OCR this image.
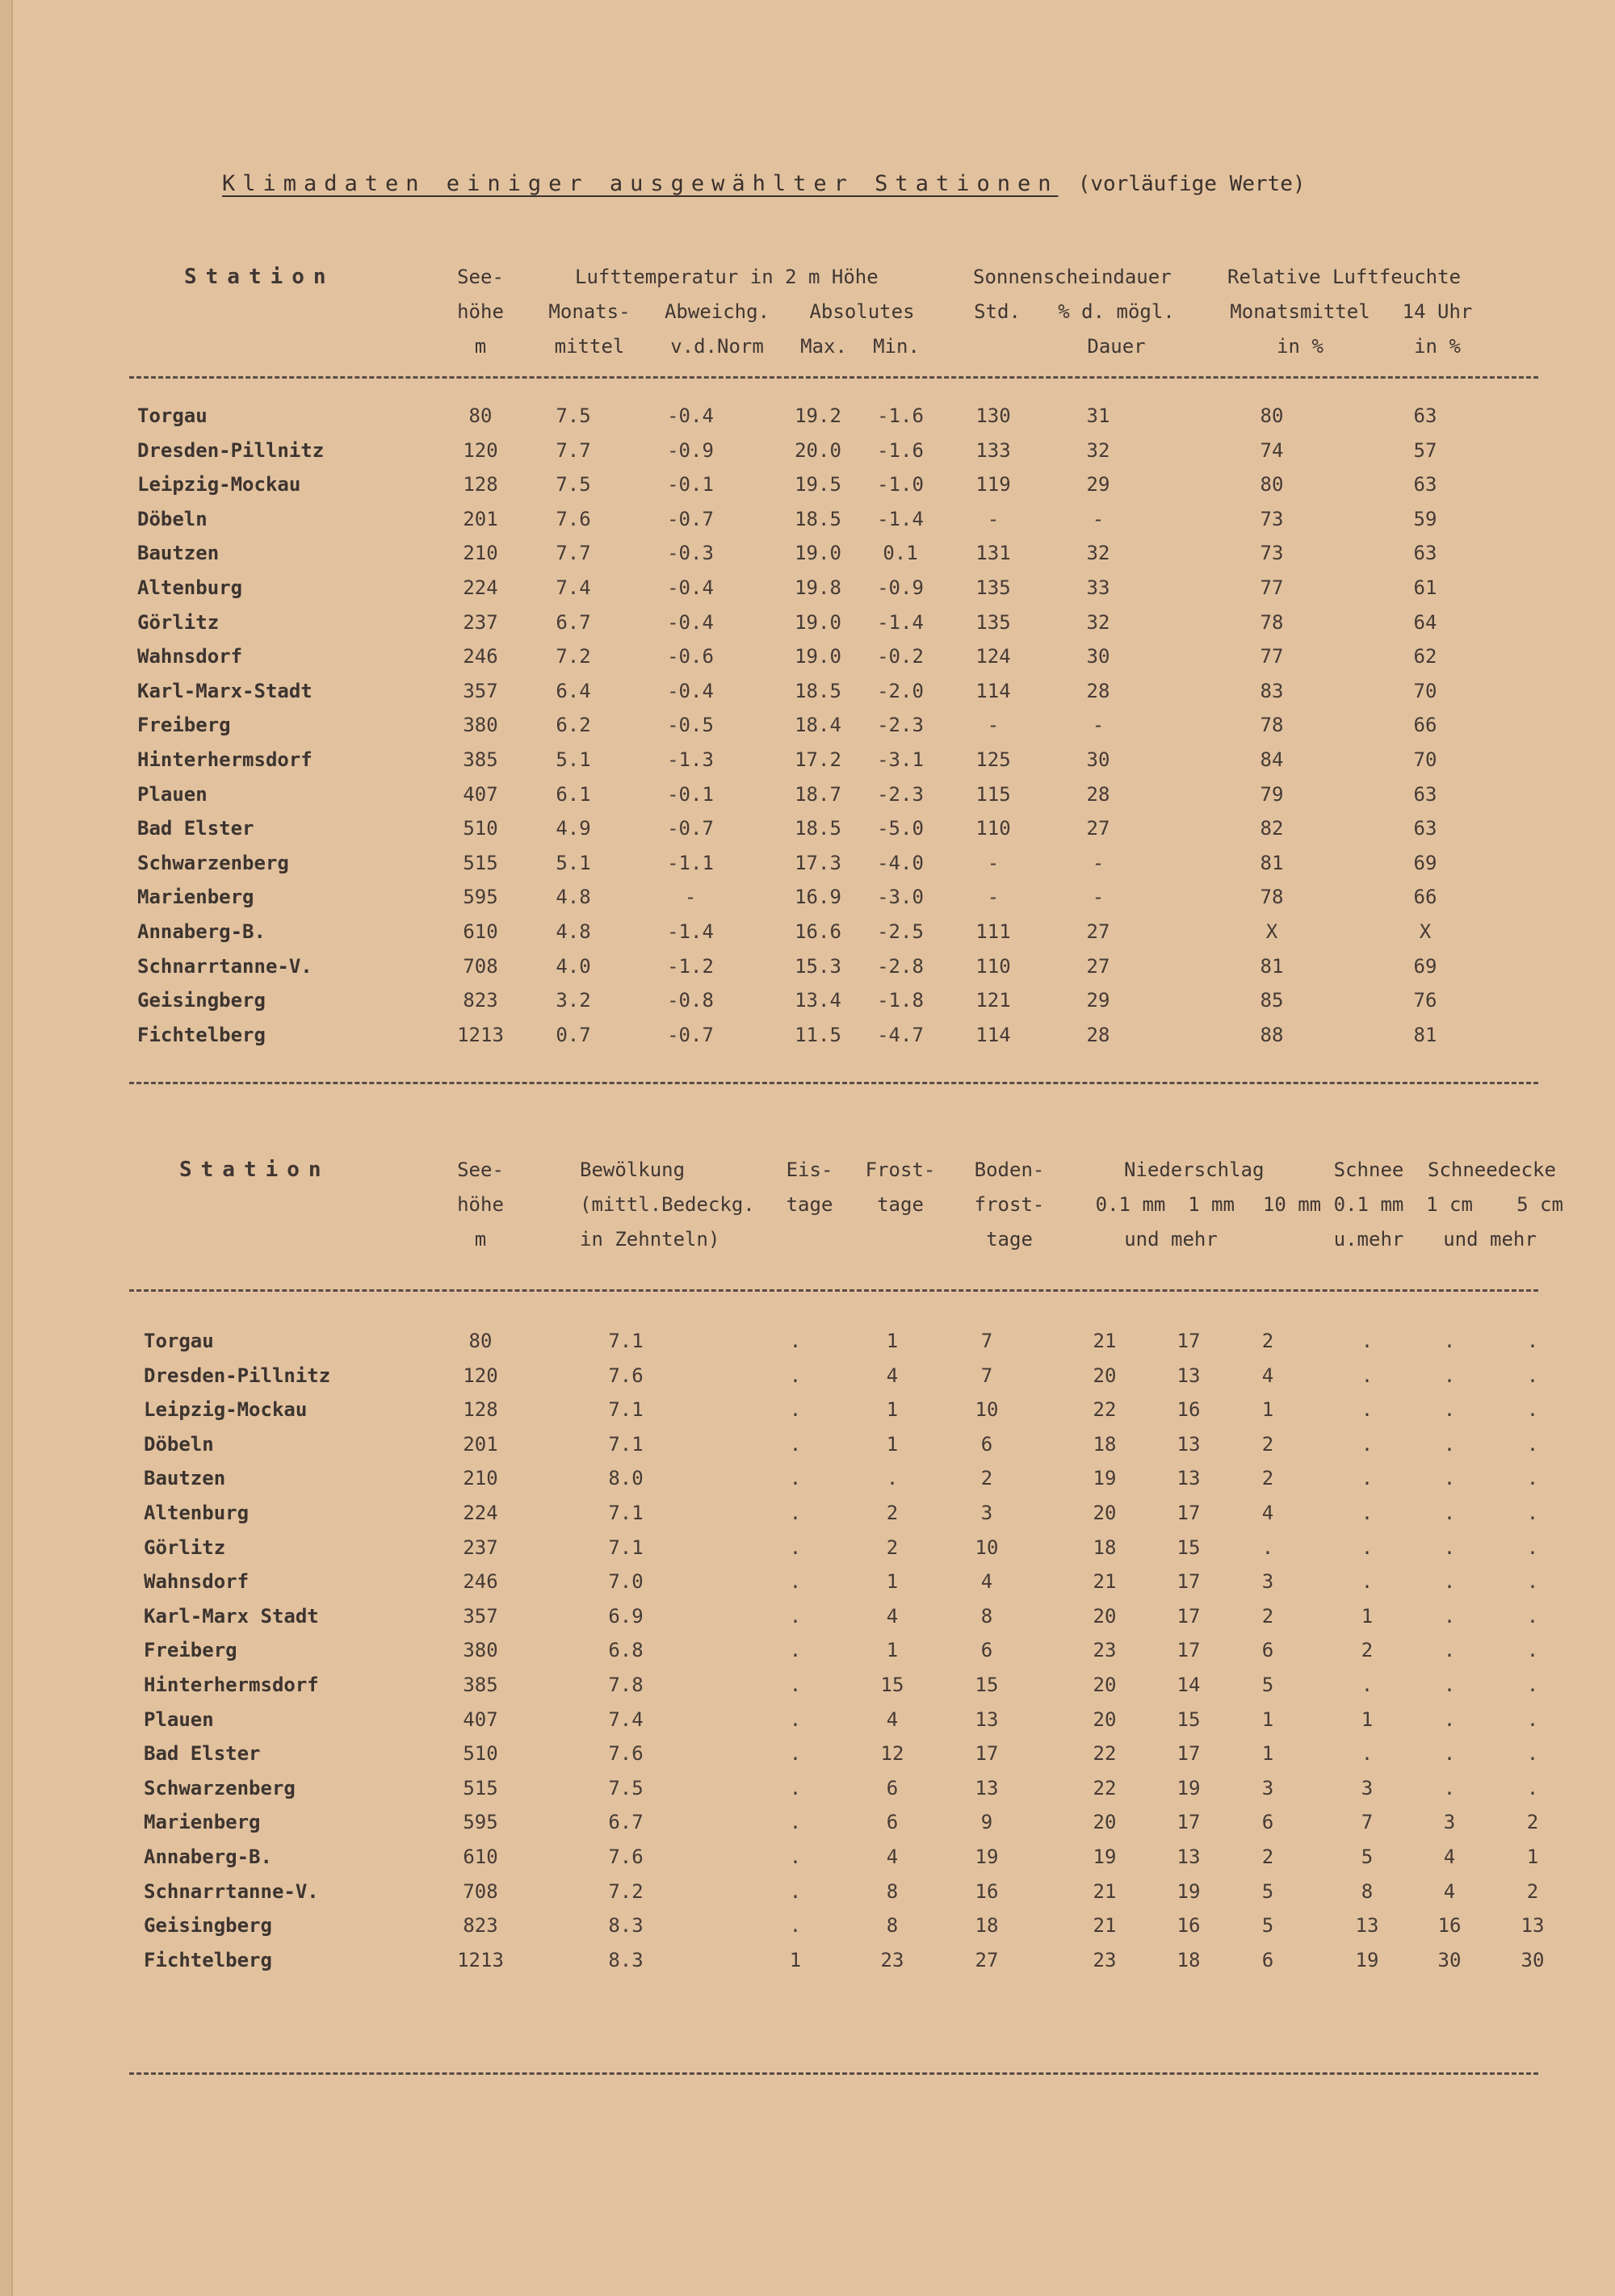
Klimadaten einiger ausgewählter Stationen (vorläufige Werte)
Station	See-
höhe
m
Lufttemperatur in 2 m Höhe
Monats-
mittel
Abweichg.
v.d.Norm
Absolutes
Max. Min.
Sonnenscheindauer
Std.	% d. mögl.
Dauer
Relative Luftfeuchte
Monatsmittel
in %
14 Uhr
in %
Torgau	80	7.5	-0.4	19.2	-1.6	130	31	80	63
Dresden-Pillnitz	120	7.7	-0.9	20.0	-1.6	133	32	74	57
Leipzig-Mockau	128	7.5	-0.1	19.5	-1.0	119	29	80	63
Döbeln	201	7.6	-0.7	18.5	-1.4	-	-	73	59
Bautzen	210	7.7	-0.3	19.0	0.1	131	32	73	63
Altenburg	224	7.4	-0.4	19.8	-0.9	135	33	77	61
Görlitz	237	6.7	-0.4	19.0	-1.4	135	32	78	64
Wahnsdorf	246	7.2	-0.6	19.0	-0.2	124	30	77	62
Karl-Marx-Stadt	357	6.4	-0.4	18.5	-2.0	114	28	83	70
Freiberg	380	6.2	-0.5	18.4	-2.3	-	-	78	66
Hinterhermsdorf	385	5.1	-1.3	17.2	-3.1	125	30	84	70
Plauen	407	6.1	-0.1	18.7	-2.3	115	28	79	63
Bad Elster	510	4.9	-0.7	18.5	-5.0	110	27	82	63
Schwarzenberg	515	5.1	-1.1	17.3	-4.0	-	-	81	69
Marienberg	595	4.8	-	16.9	-3.0	-	-	78	66
Annaberg-B.	610	4.8	-1.4	16.6	-2.5	111	27	X	X
Schnarrtanne-V.	708	4.0	-1.2	15.3	-2.8	110	27	81	69
Geisingberg	823	3.2	-0.8	13.4	-1.8	121	29	85	76
Fichtelberg	1213	0.7	-0.7	11.5	-4.7	114	28	88	81
Station	See-
höhe
m
Bewölkung
(mittl.Bedeckg.
in Zehnteln)
Eis-
tage
Frost-
tage
Boden-
frost-
tage
Niederschlag
0.1 mm	1 mm	10 mm
und mehr
Schnee
0.1 mm
u.mehr
Schneedecke
1 cm	5 cm
und mehr
Torgau	80	7.1	.	1	7	21	17	2	.	.	.
Dresden-Pillnitz	120	7.6	.	4	7	20	13	4	.	.	.
Leipzig-Mockau	128	7.1	.	1	10	22	16	1	.	.	.
Döbeln	201	7.1	.	1	6	18	13	2	.	.	.
Bautzen	210	8.0	.	.	2	19	13	2	.	.	.
Altenburg	224	7.1	.	2	3	20	17	4	.	.	.
Görlitz	237	7.1	.	2	10	18	15	.	.	.	.
Wahnsdorf	246	7.0	.	1	4	21	17	3	.	.	.
Karl-Marx Stadt	357	6.9	.	4	8	20	17	2	1	.	.
Freiberg	380	6.8	.	1	6	23	17	6	2	.	.
Hinterhermsdorf	385	7.8	.	15	15	20	14	5	.	.	.
Plauen	407	7.4	.	4	13	20	15	1	1	.	.
Bad Elster	510	7.6	.	12	17	22	17	1	.	.	.
Schwarzenberg	515	7.5	.	6	13	22	19	3	3	.	.
Marienberg	595	6.7	.	6	9	20	17	6	7	3	2
Annaberg-B.	610	7.6	.	4	19	19	13	2	5	4	1
Schnarrtanne-V.	708	7.2	.	8	16	21	19	5	8	4	2
Geisingberg	823	8.3	.	8	18	21	16	5	13	16	13
Fichtelberg	1213	8.3	1	23	27	23	18	6	19	30	30
